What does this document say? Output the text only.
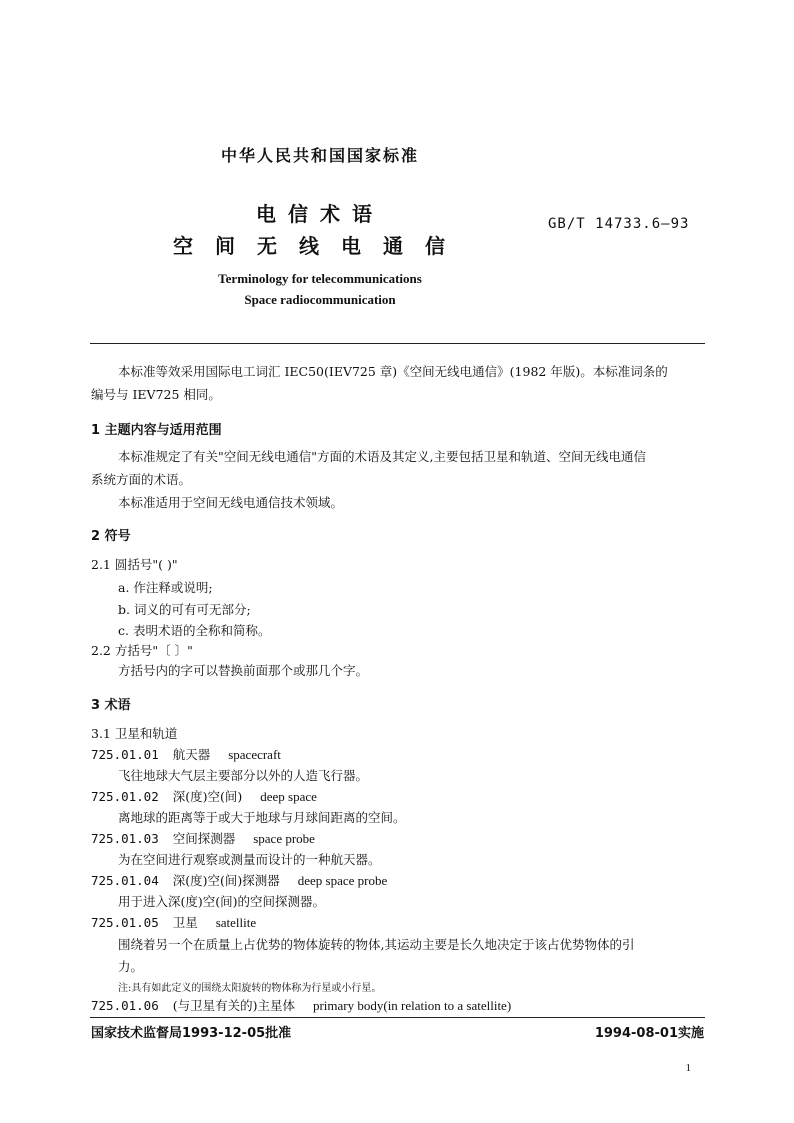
中华人民共和国国家标准
电信术语
空间无线电通信
GB/T 14733.6—93
Terminology for telecommunications
Space radiocommunication
本标准等效采用国际电工词汇 IEC50(IEV725 章)《空间无线电通信》(1982 年版)。本标准词条的
编号与 IEV725 相同。
1 主题内容与适用范围
本标准规定了有关"空间无线电通信"方面的术语及其定义,主要包括卫星和轨道、空间无线电通信
系统方面的术语。
本标准适用于空间无线电通信技术领域。
2 符号
2.1 圆括号"( )"
a. 作注释或说明;
b. 词义的可有可无部分;
c. 表明术语的全称和简称。
2.2 方括号"〔 〕"
方括号内的字可以替换前面那个或那几个字。
3 术语
3.1 卫星和轨道
725.01.01 航天器 spacecraft
飞往地球大气层主要部分以外的人造飞行器。
725.01.02 深(度)空(间) deep space
离地球的距离等于或大于地球与月球间距离的空间。
725.01.03 空间探测器 space probe
为在空间进行观察或测量而设计的一种航天器。
725.01.04 深(度)空(间)探测器 deep space probe
用于进入深(度)空(间)的空间探测器。
725.01.05 卫星 satellite
围绕着另一个在质量上占优势的物体旋转的物体,其运动主要是长久地决定于该占优势物体的引
力。
注:具有如此定义的围绕太阳旋转的物体称为行星或小行星。
725.01.06 (与卫星有关的)主星体 primary body(in relation to a satellite)
国家技术监督局1993-12-05批准	1994-08-01实施
1
